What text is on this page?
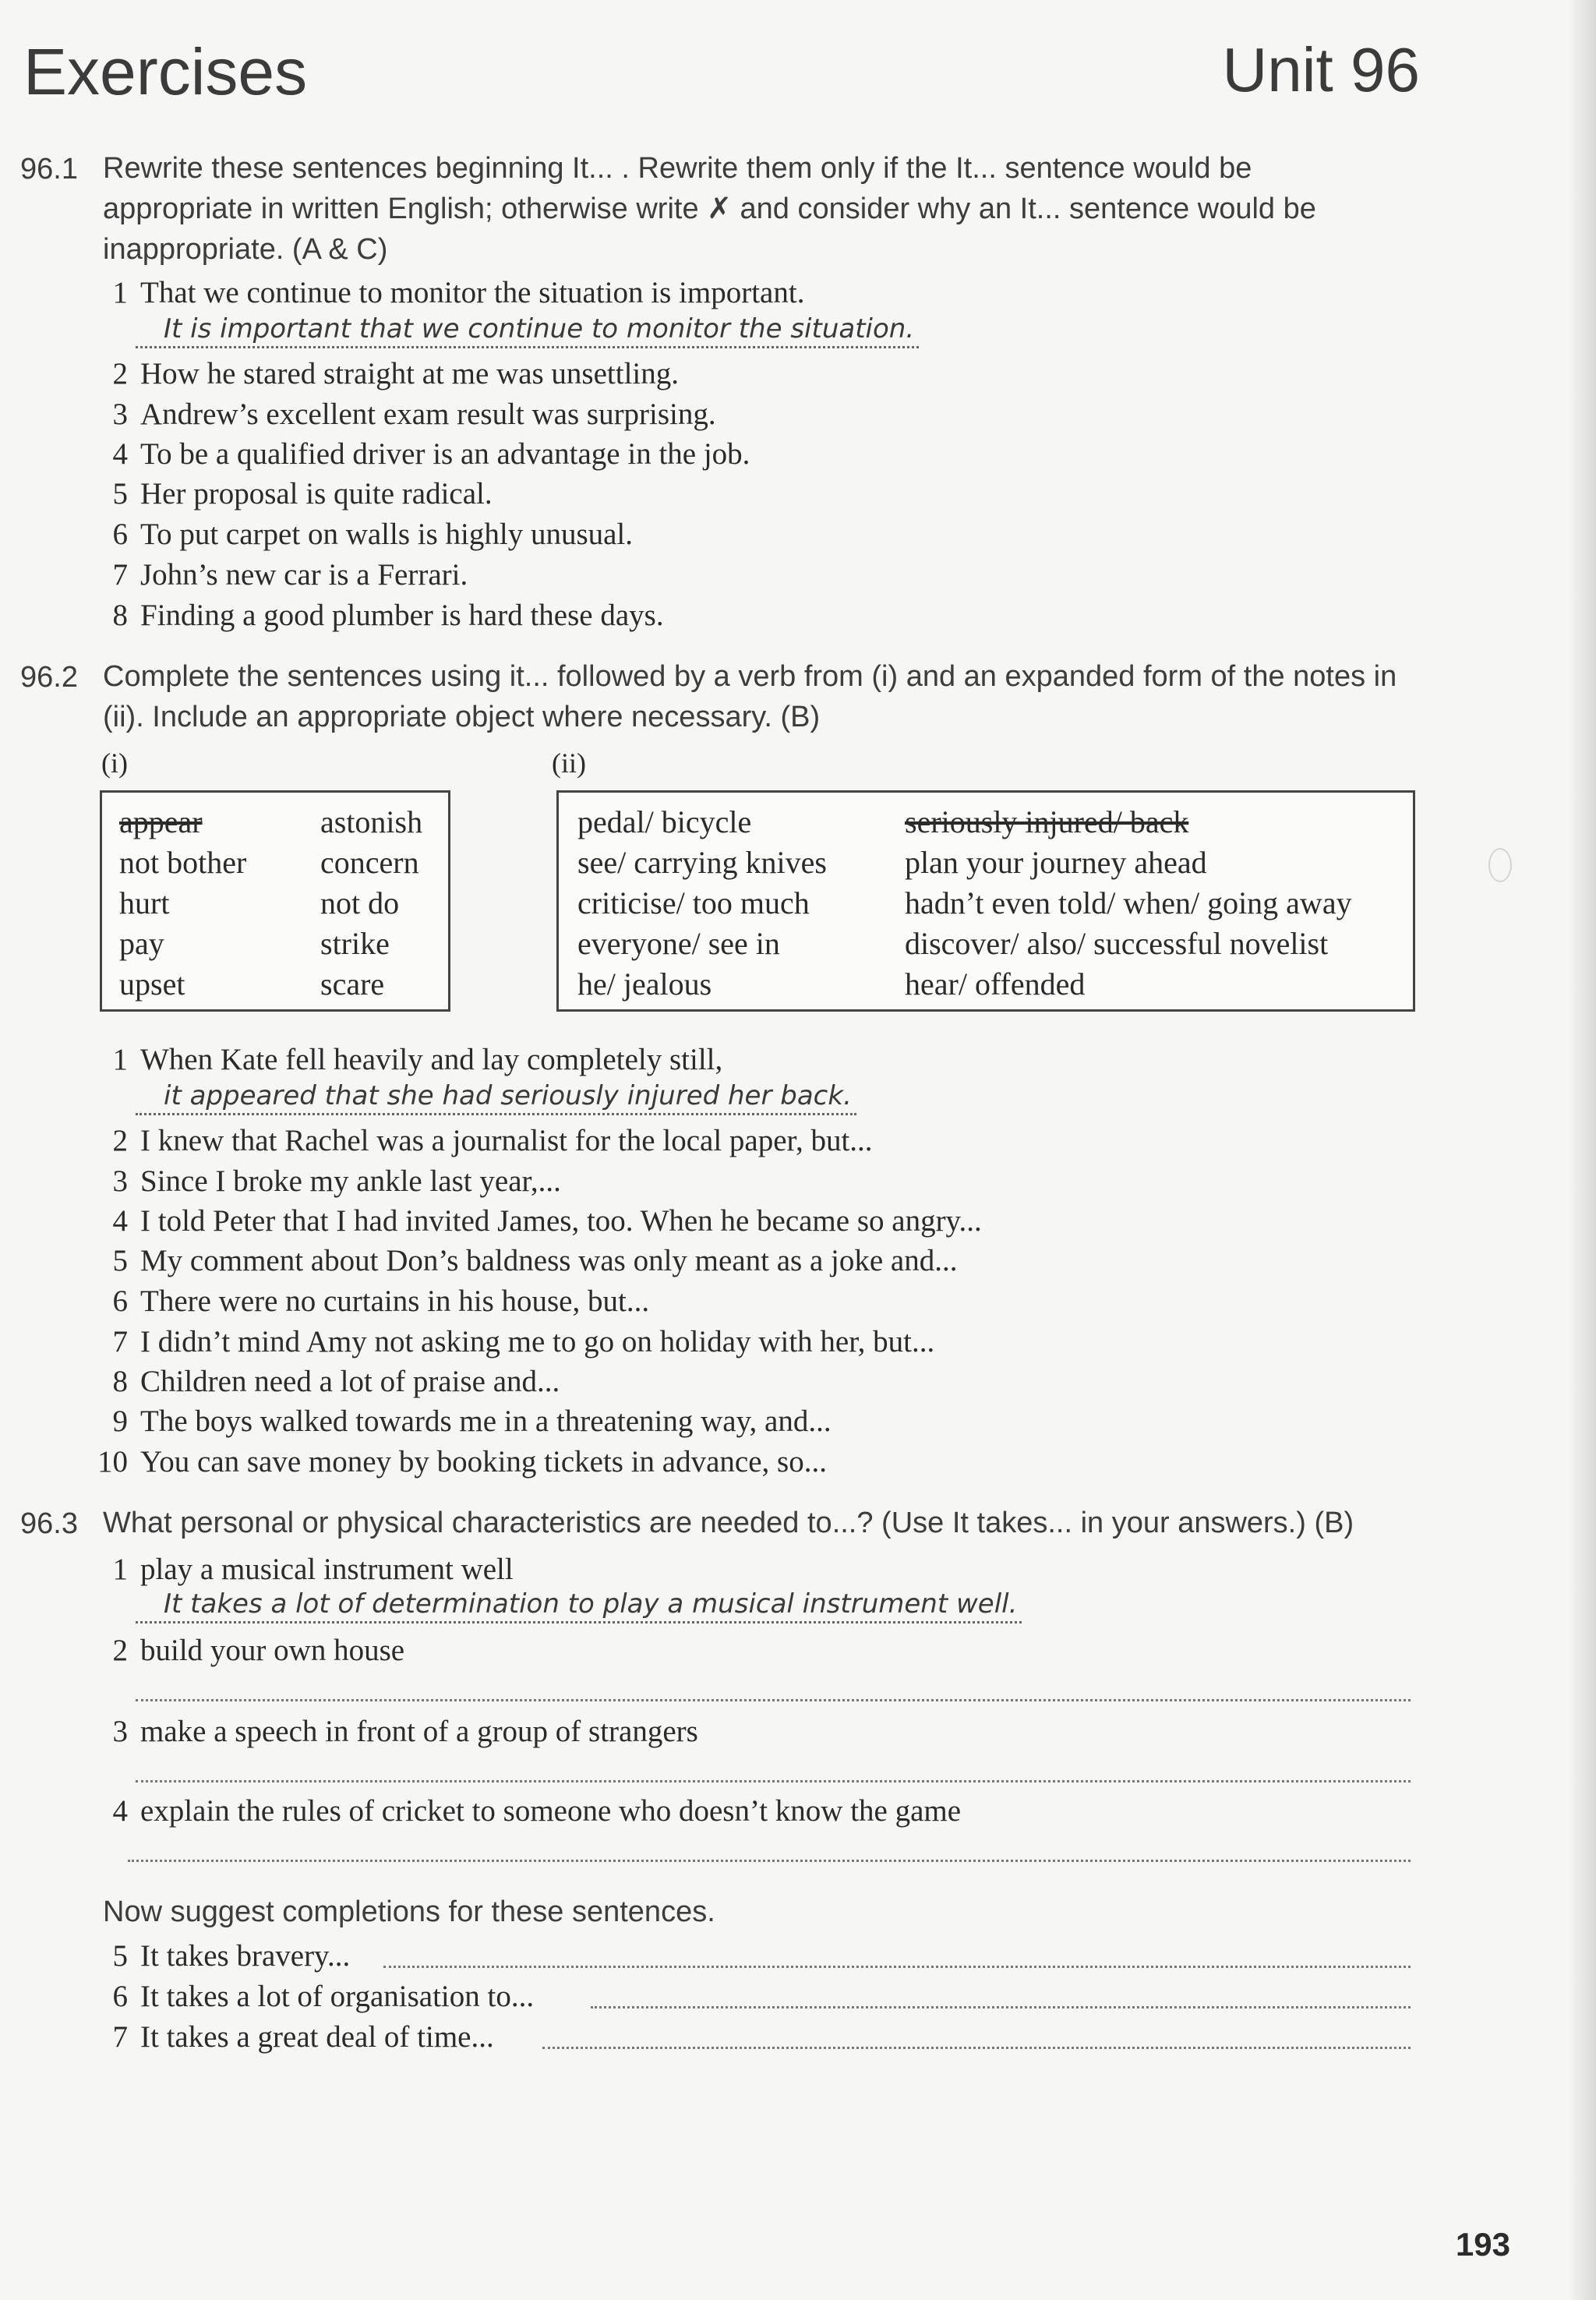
Exercises	Unit 96
96.1 Rewrite these sentences beginning It... . Rewrite them only if the It... sentence would be appropriate in written English; otherwise write ✗ and consider why an It... sentence would be inappropriate. (A & C)
1 That we continue to monitor the situation is important.
It is important that we continue to monitor the situation.
2 How he stared straight at me was unsettling.
3 Andrew’s excellent exam result was surprising.
4 To be a qualified driver is an advantage in the job.
5 Her proposal is quite radical.
6 To put carpet on walls is highly unusual.
7 John’s new car is a Ferrari.
8 Finding a good plumber is hard these days.
96.2 Complete the sentences using it... followed by a verb from (i) and an expanded form of the notes in (ii). Include an appropriate object where necessary. (B)
(i)	(ii)
appear
not bother
hurt
pay
upset
astonish
concern
not do
strike
scare
pedal/ bicycle
see/ carrying knives
criticise/ too much
everyone/ see in
he/ jealous
seriously injured/ back
plan your journey ahead
hadn’t even told/ when/ going away
discover/ also/ successful novelist
hear/ offended
1 When Kate fell heavily and lay completely still,
it appeared that she had seriously injured her back.
2 I knew that Rachel was a journalist for the local paper, but...
3 Since I broke my ankle last year,...
4 I told Peter that I had invited James, too. When he became so angry...
5 My comment about Don’s baldness was only meant as a joke and...
6 There were no curtains in his house, but...
7 I didn’t mind Amy not asking me to go on holiday with her, but...
8 Children need a lot of praise and...
9 The boys walked towards me in a threatening way, and...
10 You can save money by booking tickets in advance, so...
96.3 What personal or physical characteristics are needed to...? (Use It takes... in your answers.) (B)
1 play a musical instrument well
It takes a lot of determination to play a musical instrument well.
2 build your own house
3 make a speech in front of a group of strangers
4 explain the rules of cricket to someone who doesn’t know the game
Now suggest completions for these sentences.
5 It takes bravery...
6 It takes a lot of organisation to...
7 It takes a great deal of time...
193
